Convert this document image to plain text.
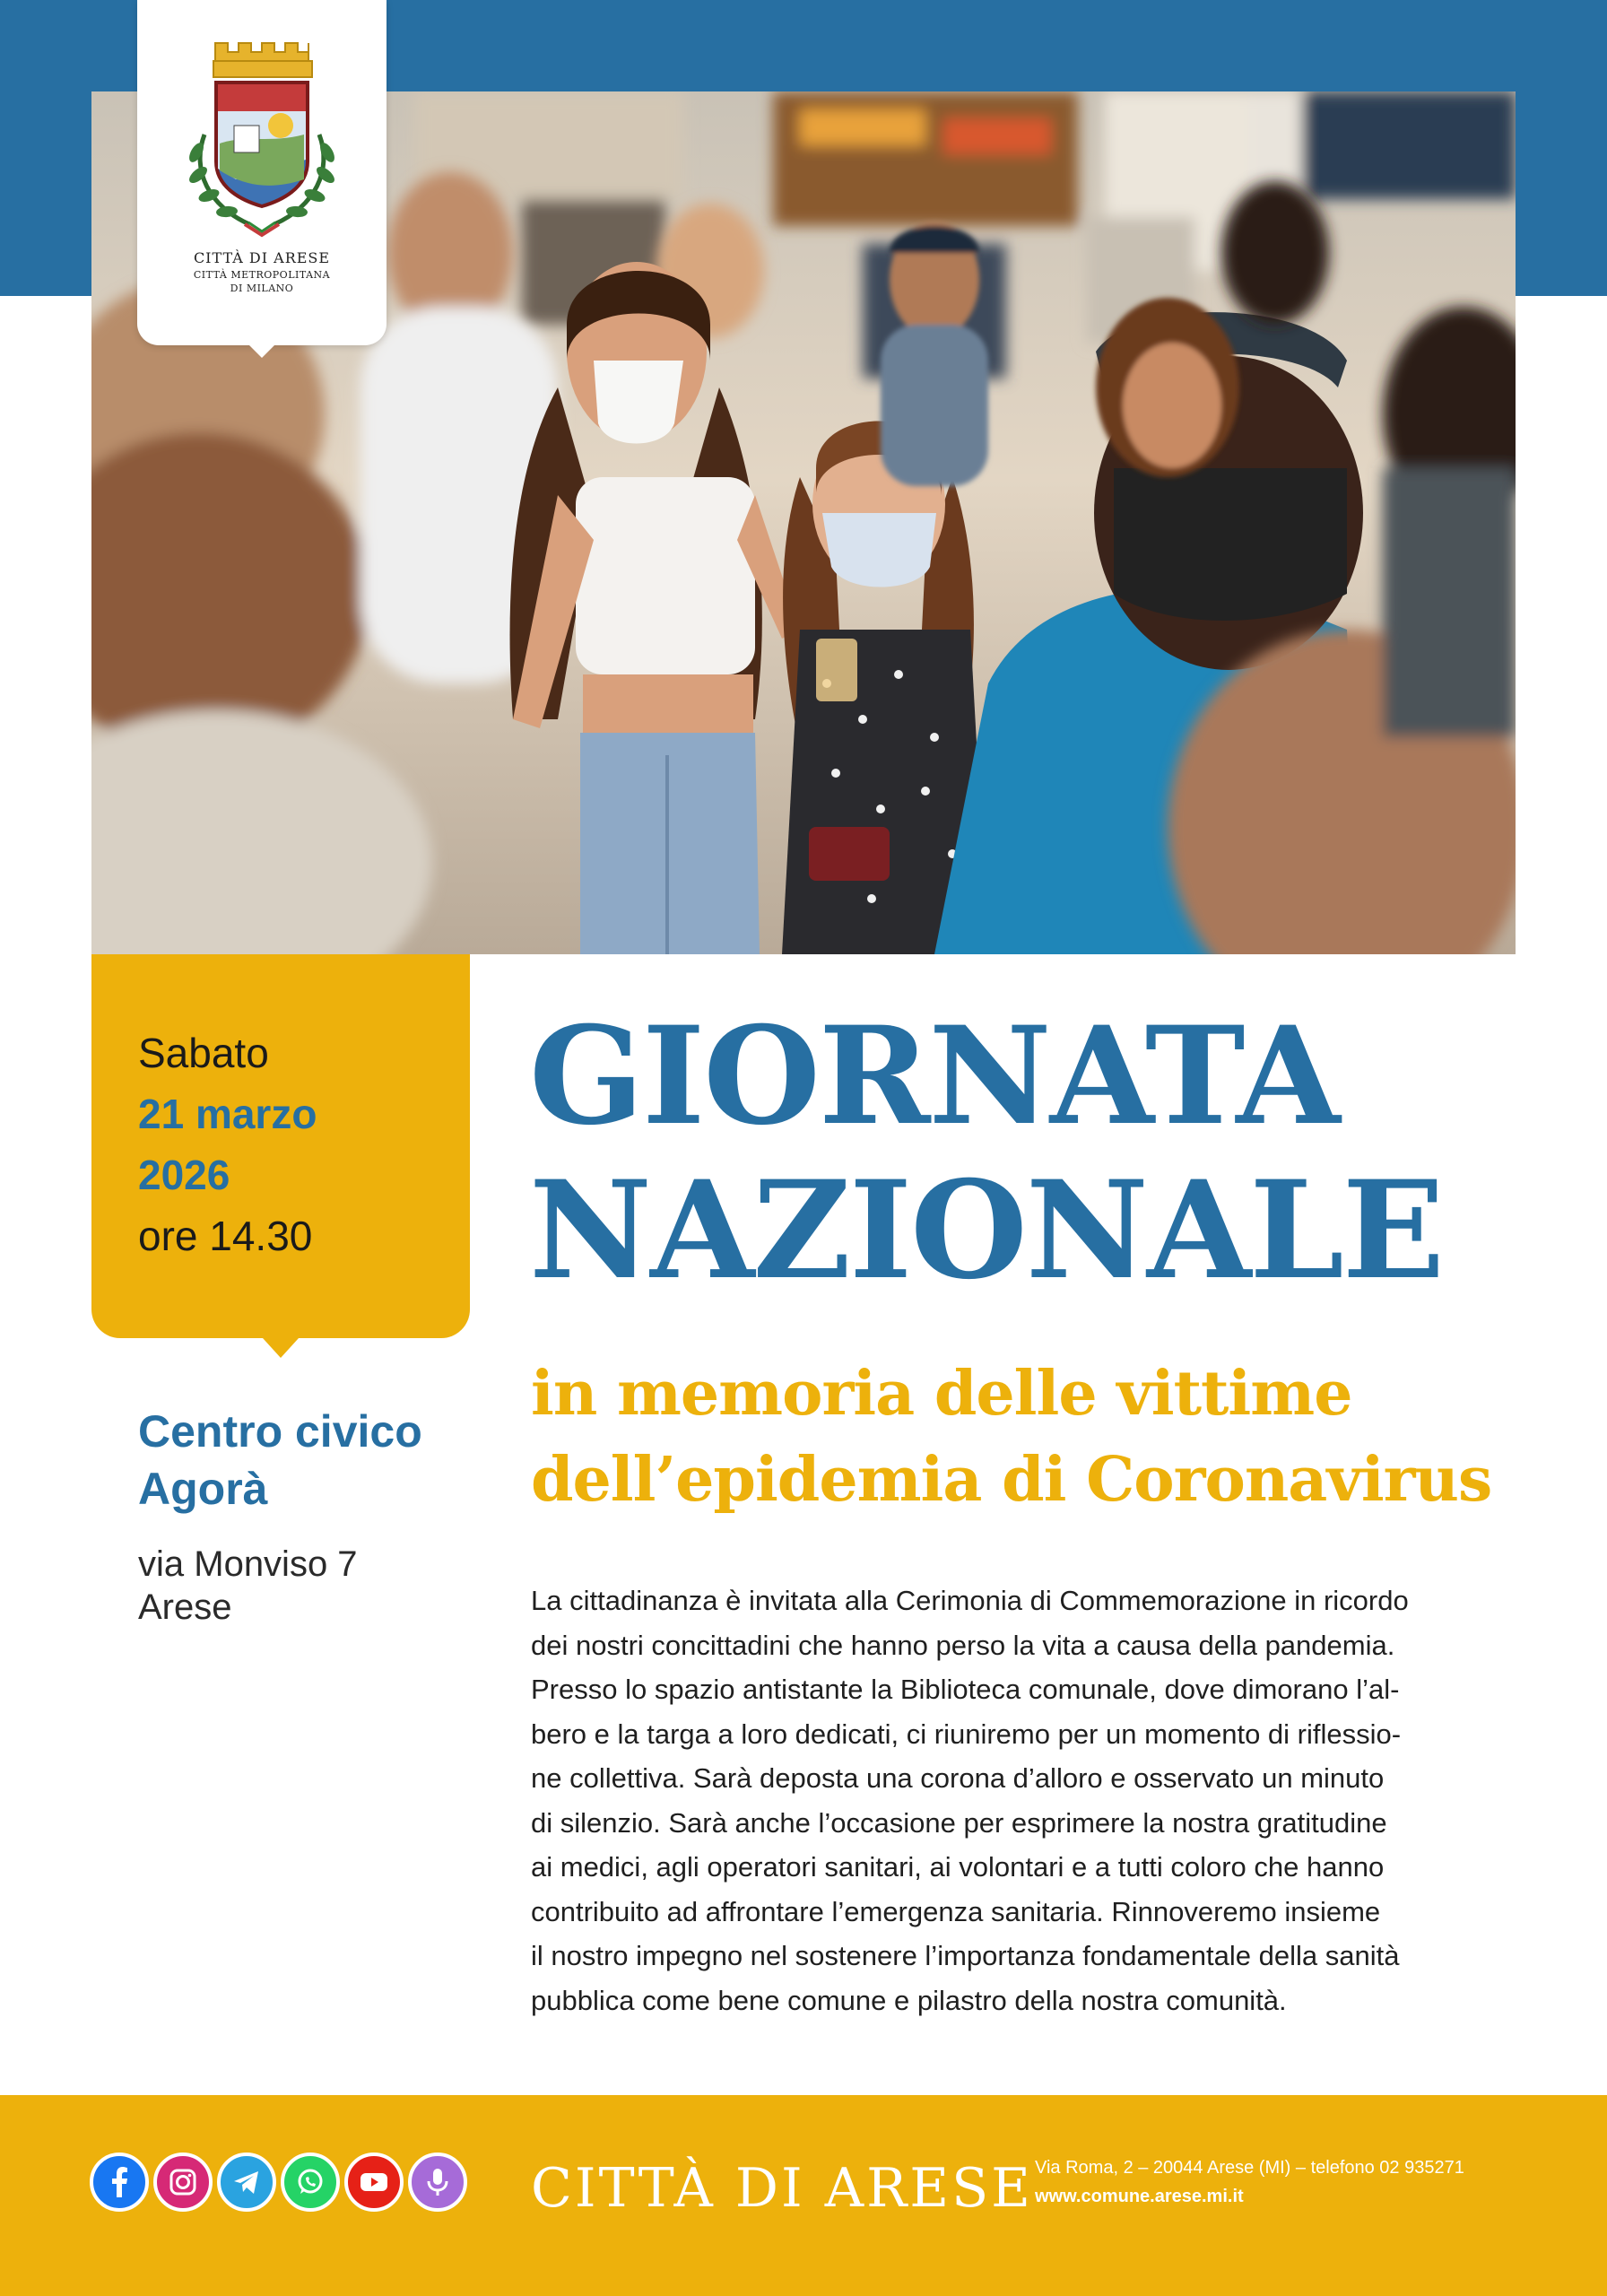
CITTÀ DI ARESE
CITTÀ METROPOLITANA
DI MILANO
Sabato
21 marzo
2026
ore 14.30
Centro civico
Agorà
via Monviso 7
Arese
GIORNATA
NAZIONALE
in memoria delle vittime
dell’epidemia di Coronavirus
La cittadinanza è invitata alla Cerimonia di Commemorazione in ricordo
dei nostri concittadini che hanno perso la vita a causa della pandemia.
Presso lo spazio antistante la Biblioteca comunale, dove dimorano l’al-
bero e la targa a loro dedicati, ci riuniremo per un momento di riflessio-
ne collettiva. Sarà deposta una corona d’alloro e osservato un minuto
di silenzio. Sarà anche l’occasione per esprimere la nostra gratitudine
ai medici, agli operatori sanitari, ai volontari e a tutti coloro che hanno
contribuito ad affrontare l’emergenza sanitaria. Rinnoveremo insieme
il nostro impegno nel sostenere l’importanza fondamentale della sanità
pubblica come bene comune e pilastro della nostra comunità.
CITTÀ DI ARESE Via Roma, 2 – 20044 Arese (MI) – telefono 02 935271
www.comune.arese.mi.it
